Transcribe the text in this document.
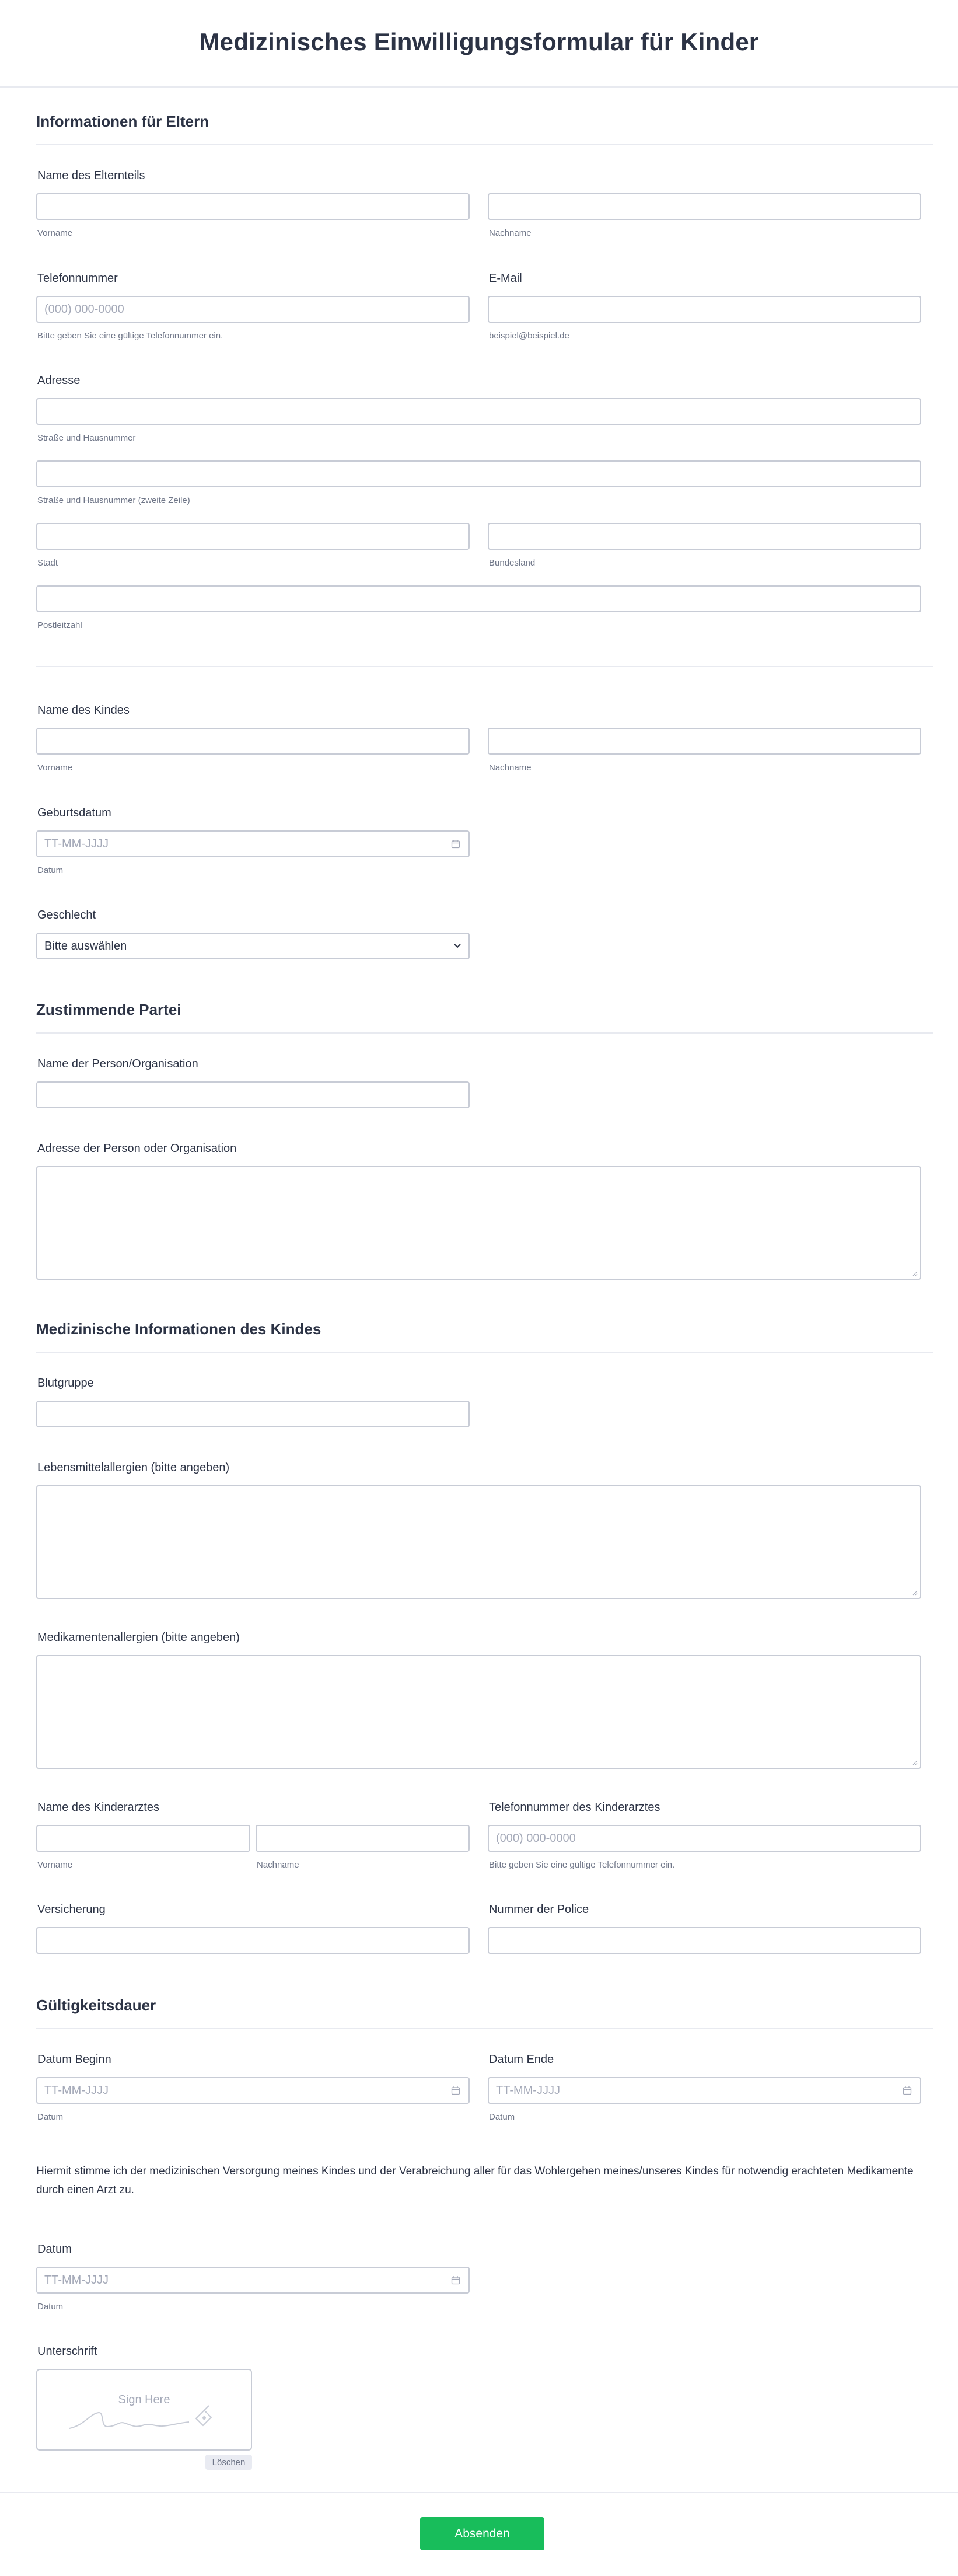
Medizinisches Einwilligungsformular für Kinder
Informationen für Eltern
Name des Elternteils
Vorname	Nachname
Telefonnummer
(000) 000-0000
Bitte geben Sie eine gültige Telefonnummer ein.
E-Mail
beispiel@beispiel.de
Adresse
Straße und Hausnummer
Straße und Hausnummer (zweite Zeile)
Stadt	Bundesland
Postleitzahl
Name des Kindes
Vorname	Nachname
Geburtsdatum
TT-MM-JJJJ
Datum
Geschlecht
Bitte auswählen
Zustimmende Partei
Name der Person/Organisation
Adresse der Person oder Organisation
Medizinische Informationen des Kindes
Blutgruppe
Lebensmittelallergien (bitte angeben)
Medikamentenallergien (bitte angeben)
Name des Kinderarztes
Vorname	Nachname
Telefonnummer des Kinderarztes
(000) 000-0000
Bitte geben Sie eine gültige Telefonnummer ein.
Versicherung	Nummer der Police
Gültigkeitsdauer
Datum Beginn
TT-MM-JJJJ
Datum
Datum Ende
TT-MM-JJJJ
Datum
Hiermit stimme ich der medizinischen Versorgung meines Kindes und der Verabreichung aller für das Wohlergehen meines/unseres Kindes für notwendig erachteten Medikamente durch einen Arzt zu.
Datum
TT-MM-JJJJ
Datum
Unterschrift
Sign Here
Löschen
Absenden
